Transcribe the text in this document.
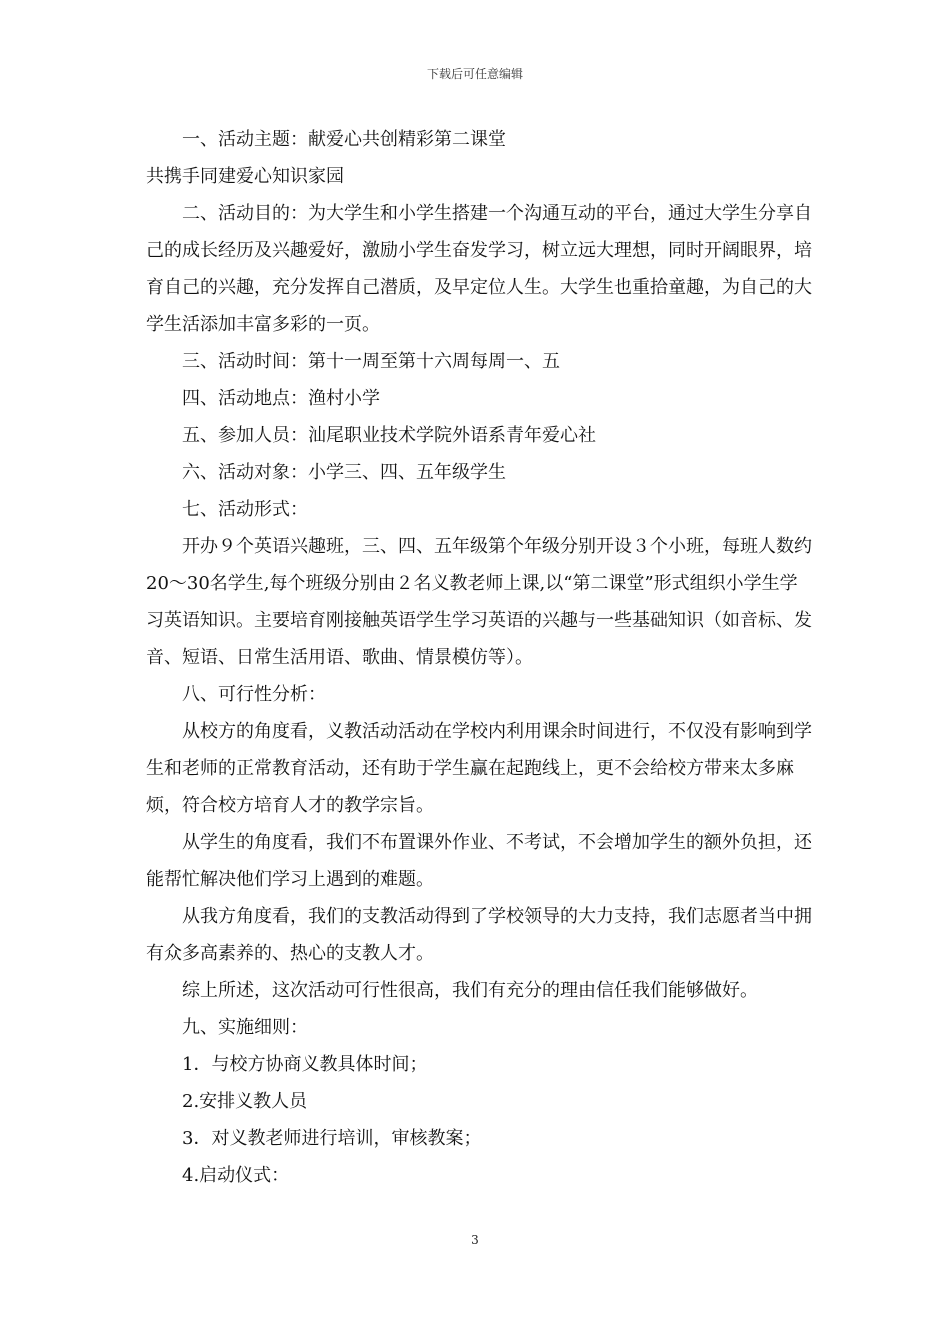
下载后可任意编辑

一、活动主题：献爱心共创精彩第二课堂

共携手同建爱心知识家园

二、活动目的：为大学生和小学生搭建一个沟通互动的平台，通过大学生分享自己的成长经历及兴趣爱好，激励小学生奋发学习，树立远大理想，同时开阔眼界，培育自己的兴趣，充分发挥自己潜质，及早定位人生。大学生也重拾童趣，为自己的大学生活添加丰富多彩的一页。

三、活动时间：第十一周至第十六周每周一、五

四、活动地点：渔村小学

五、参加人员：汕尾职业技术学院外语系青年爱心社

六、活动对象：小学三、四、五年级学生

七、活动形式：

开办９个英语兴趣班，三、四、五年级第个年级分别开设３个小班，每班人数约20～30名学生,每个班级分别由２名义教老师上课,以“第二课堂”形式组织小学生学习英语知识。主要培育刚接触英语学生学习英语的兴趣与一些基础知识（如音标、发音、短语、日常生活用语、歌曲、情景模仿等）。

八、可行性分析：

从校方的角度看，义教活动活动在学校内利用课余时间进行，不仅没有影响到学生和老师的正常教育活动，还有助于学生赢在起跑线上，更不会给校方带来太多麻烦，符合校方培育人才的教学宗旨。

从学生的角度看，我们不布置课外作业、不考试，不会增加学生的额外负担，还能帮忙解决他们学习上遇到的难题。

从我方角度看，我们的支教活动得到了学校领导的大力支持，我们志愿者当中拥有众多高素养的、热心的支教人才。

综上所述，这次活动可行性很高，我们有充分的理由信任我们能够做好。

九、实施细则：

1．与校方协商义教具体时间；

2.安排义教人员

3．对义教老师进行培训，审核教案；

4.启动仪式：

3
